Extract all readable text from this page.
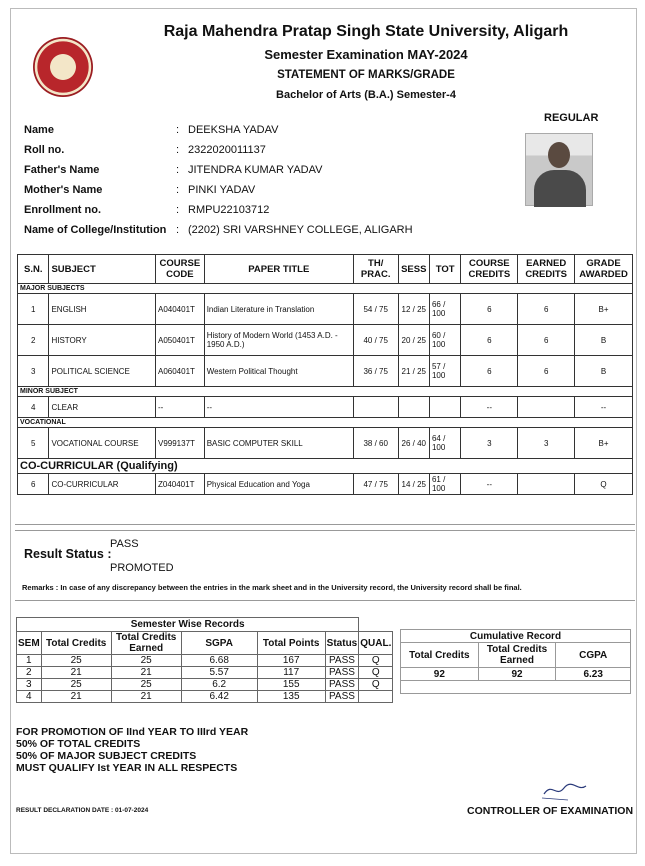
Raja Mahendra Pratap Singh State University, Aligarh
Semester Examination MAY-2024
STATEMENT OF MARKS/GRADE
Bachelor of Arts (B.A.) Semester-4
REGULAR
Name	: DEEKSHA YADAV
Roll no.	: 2322020011137
Father's Name	: JITENDRA KUMAR YADAV
Mother's Name	: PINKI YADAV
Enrollment no.	: RMPU22103712
Name of College/Institution : (2202) SRI VARSHNEY COLLEGE, ALIGARH
S.N.	SUBJECT	COURSE CODE	PAPER TITLE	TH/ PRAC.	SESS	TOT	COURSE CREDITS	EARNED CREDITS	GRADE AWARDED
MAJOR SUBJECTS									
1	ENGLISH	A040401T	Indian Literature in Translation	54 / 75	12 / 25	66 / 100	6	6	B+
2	HISTORY	A050401T	History of Modern World (1453 A.D. - 1950 A.D.)	40 / 75	20 / 25	60 / 100	6	6	B
3	POLITICAL SCIENCE	A060401T	Western Political Thought	36 / 75	21 / 25	57 / 100	6	6	B
MINOR SUBJECT									
4	CLEAR	--	--				--		--
VOCATIONAL									
5	VOCATIONAL COURSE	V999137T	BASIC COMPUTER SKILL	38 / 60	26 / 40	64 / 100	3	3	B+
CO-CURRICULAR (Qualifying)									
6	CO-CURRICULAR	Z040401T	Physical Education and Yoga	47 / 75	14 / 25	61 / 100	--		Q
PASS
Result Status :
PROMOTED
Remarks : In case of any discrepancy between the entries in the mark sheet and in the University record, the University record shall be final.
Semester Wise Records						
SEM	Total Credits	Total Credits Earned	SGPA	Total Points	Status	QUAL.
1	25	25	6.68	167	PASS	Q
2	21	21	5.57	117	PASS	Q
3	25	25	6.2	155	PASS	Q
4	21	21	6.42	135	PASS	
Cumulative Record		
Total Credits	Total Credits Earned	CGPA
92	92	6.23

FOR PROMOTION OF IInd YEAR TO IIIrd YEAR
50% OF TOTAL CREDITS
50% OF MAJOR SUBJECT CREDITS
MUST QUALIFY Ist YEAR IN ALL RESPECTS
RESULT DECLARATION DATE : 01-07-2024	CONTROLLER OF EXAMINATION
